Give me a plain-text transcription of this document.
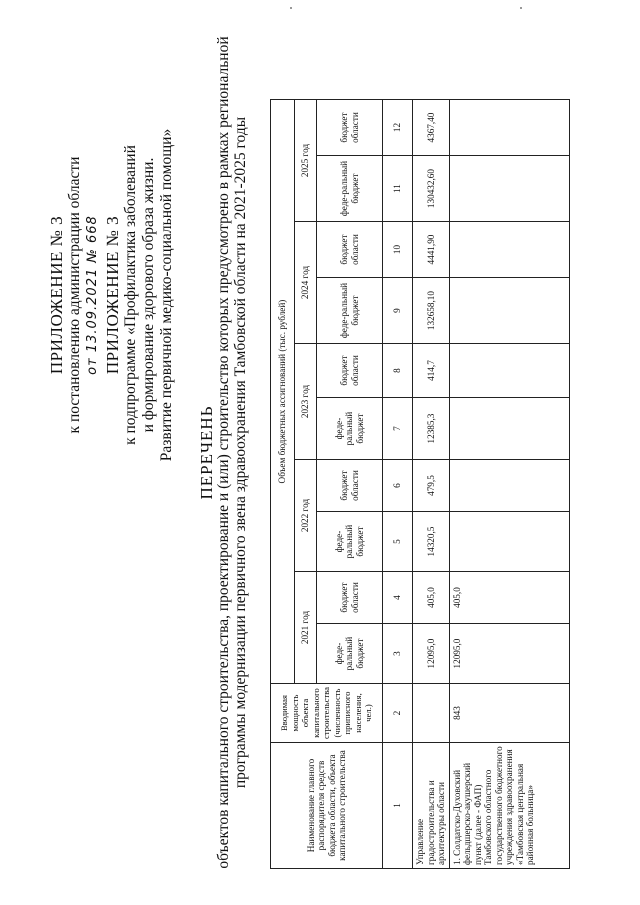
ПРИЛОЖЕНИЕ № 3 к постановлению администрации области от 13.09.2021 № 668 ПРИЛОЖЕНИЕ № 3 к подпрограмме «Профилактика заболеваний и формирование здорового образа жизни. Развитие первичной медико-социальной помощи» ПЕРЕЧЕНЬ объектов капитального строительства, проектирование и (или) строительство которых предусмотрено в рамках региональной программы модернизации первичного звена здравоохранения Тамбовской области на 2021-2025 годы
Наименование главного распорядителя средств бюджета области, объекта капитального строительства	Вводимая мощность объекта капитального строительства (численность приписного населения, чел.)	Объем бюджетных ассигнований (тыс. рублей)									
		2021 год		2022 год		2023 год		2024 год		2025 год	
		феде-ральный бюджет	бюджет области	феде-ральный бюджет	бюджет области	феде-ральный бюджет	бюджет области	феде-ральный бюджет	бюджет области	феде-ральный бюджет	бюджет области
1	2	3	4	5	6	7	8	9	10	11	12
Управление градостроительства и архитектуры области		12095,0	405,0	14320,5	479,5	12385,3	414,7	132658,10	4441,90	130432,60	4367,40
1. Солдатско-Духовский фельдшерско-акушерский пункт (далее - ФАП) Тамбовского областного государственного бюджетного учреждения здравоохранения «Тамбовская центральная районная больница»	843	12095,0	405,0								
